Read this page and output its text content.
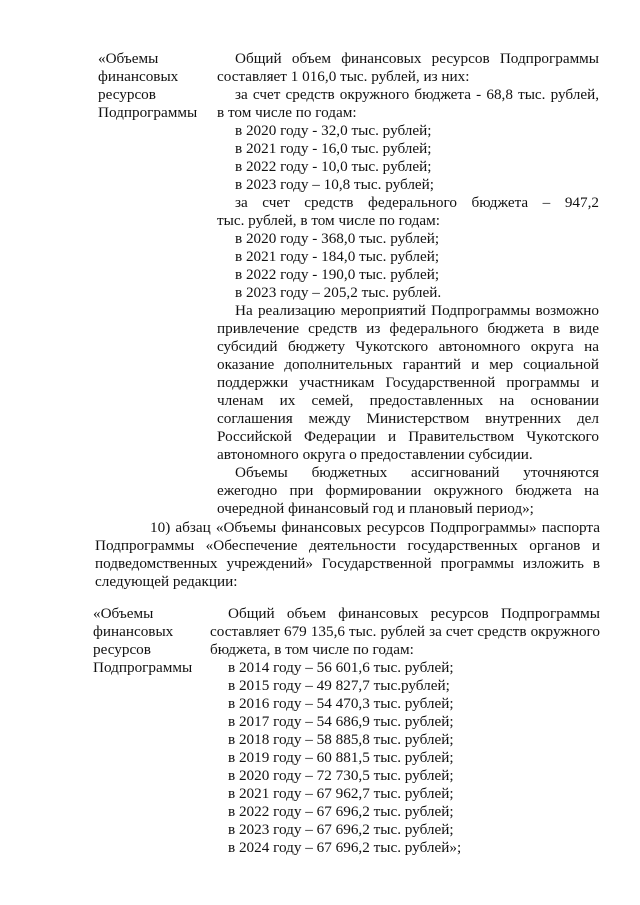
«Объемы
финансовых
ресурсов
Подпрограммы
Общий объем финансовых ресурсов Подпрограммы
составляет 1 016,0 тыс. рублей, из них:
за счет средств окружного бюджета - 68,8 тыс. рублей,
в том числе по годам:
в 2020 году - 32,0 тыс. рублей;
в 2021 году - 16,0 тыс. рублей;
в 2022 году - 10,0 тыс. рублей;
в 2023 году – 10,8 тыс. рублей;
за счет средств федерального бюджета – 947,2
тыс. рублей, в том числе по годам:
в 2020 году - 368,0 тыс. рублей;
в 2021 году - 184,0 тыс. рублей;
в 2022 году - 190,0 тыс. рублей;
в 2023 году – 205,2 тыс. рублей.
На реализацию мероприятий Подпрограммы возможно
привлечение средств из федерального бюджета в виде
субсидий бюджету Чукотского автономного округа на
оказание дополнительных гарантий и мер социальной
поддержки участникам Государственной программы и
членам их семей, предоставленных на основании
соглашения между Министерством внутренних дел
Российской Федерации и Правительством Чукотского
автономного округа о предоставлении субсидии.
Объемы бюджетных ассигнований уточняются
ежегодно при формировании окружного бюджета на
очередной финансовый год и плановый период»;
10) абзац «Объемы финансовых ресурсов Подпрограммы» паспорта
Подпрограммы «Обеспечение деятельности государственных органов и
подведомственных учреждений» Государственной программы изложить в
следующей редакции:
«Объемы
финансовых
ресурсов
Подпрограммы
Общий объем финансовых ресурсов Подпрограммы
составляет 679 135,6 тыс. рублей за счет средств окружного
бюджета, в том числе по годам:
в 2014 году – 56 601,6 тыс. рублей;
в 2015 году – 49 827,7 тыс.рублей;
в 2016 году – 54 470,3 тыс. рублей;
в 2017 году – 54 686,9 тыс. рублей;
в 2018 году – 58 885,8 тыс. рублей;
в 2019 году – 60 881,5 тыс. рублей;
в 2020 году – 72 730,5 тыс. рублей;
в 2021 году – 67 962,7 тыс. рублей;
в 2022 году – 67 696,2 тыс. рублей;
в 2023 году – 67 696,2 тыс. рублей;
в 2024 году – 67 696,2 тыс. рублей»;
